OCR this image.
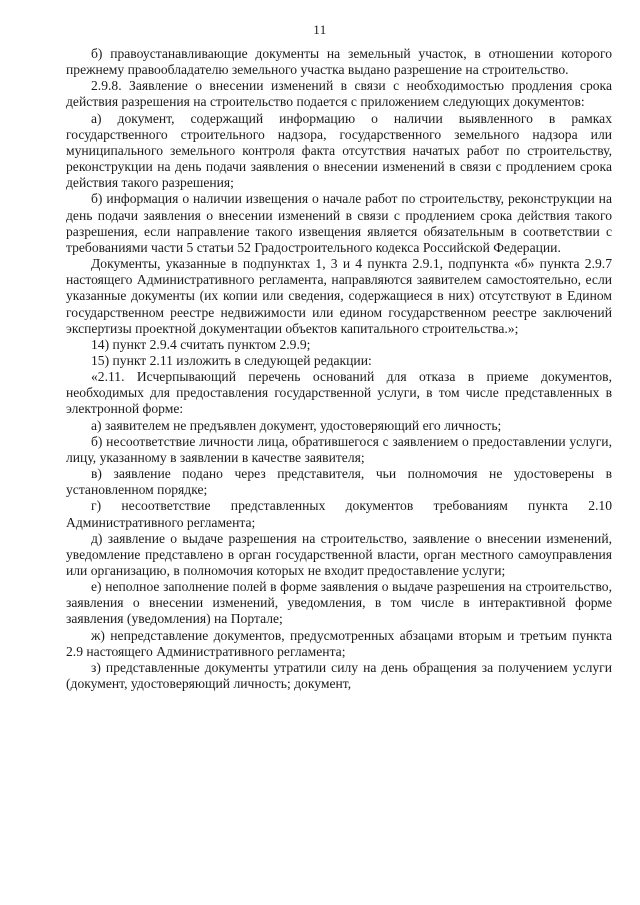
11

б) правоустанавливающие документы на земельный участок, в отношении которого прежнему правообладателю земельного участка выдано разрешение на строительство.

2.9.8. Заявление о внесении изменений в связи с необходимостью продления срока действия разрешения на строительство подается с приложением следующих документов:

а) документ, содержащий информацию о наличии выявленного в рамках государственного строительного надзора, государственного земельного надзора или муниципального земельного контроля факта отсутствия начатых работ по строительству, реконструкции на день подачи заявления о внесении изменений в связи с продлением срока действия такого разрешения;

б) информация о наличии извещения о начале работ по строительству, реконструкции на день подачи заявления о внесении изменений в связи с продлением срока действия такого разрешения, если направление такого извещения является обязательным в соответствии с требованиями части 5 статьи 52 Градостроительного кодекса Российской Федерации.

Документы, указанные в подпунктах 1, 3 и 4 пункта 2.9.1, подпункта «б» пункта 2.9.7 настоящего Административного регламента, направляются заявителем самостоятельно, если указанные документы (их копии или сведения, содержащиеся в них) отсутствуют в Едином государственном реестре недвижимости или едином государственном реестре заключений экспертизы проектной документации объектов капитального строительства.»;

14) пункт 2.9.4 считать пунктом 2.9.9;

15) пункт 2.11 изложить в следующей редакции:

«2.11. Исчерпывающий перечень оснований для отказа в приеме документов, необходимых для предоставления государственной услуги, в том числе представленных в электронной форме:

а) заявителем не предъявлен документ, удостоверяющий его личность;

б) несоответствие личности лица, обратившегося с заявлением о предоставлении услуги, лицу, указанному в заявлении в качестве заявителя;

в) заявление подано через представителя, чьи полномочия не удостоверены в установленном порядке;

г) несоответствие представленных документов требованиям пункта 2.10 Административного регламента;

д) заявление о выдаче разрешения на строительство, заявление о внесении изменений, уведомление представлено в орган государственной власти, орган местного самоуправления или организацию, в полномочия которых не входит предоставление услуги;

е) неполное заполнение полей в форме заявления о выдаче разрешения на строительство, заявления о внесении изменений, уведомления, в том числе в интерактивной форме заявления (уведомления) на Портале;

ж) непредставление документов, предусмотренных абзацами вторым и третьим пункта 2.9 настоящего Административного регламента;

з) представленные документы утратили силу на день обращения за получением услуги (документ, удостоверяющий личность; документ,
